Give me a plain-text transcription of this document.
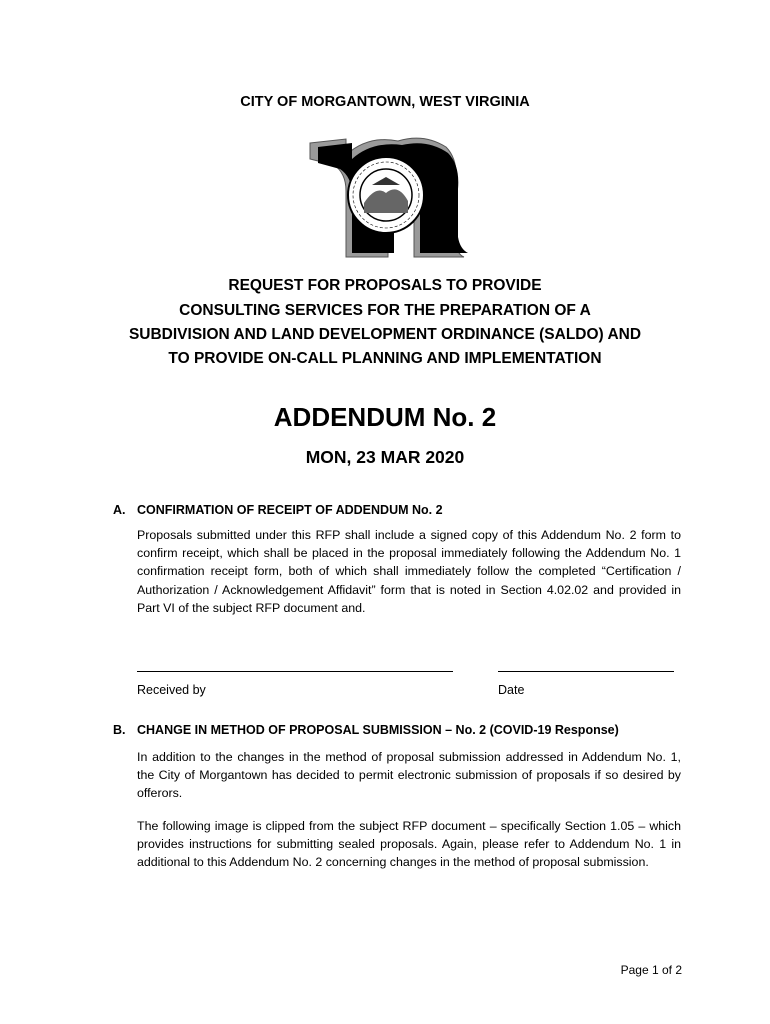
CITY OF MORGANTOWN, WEST VIRGINIA
REQUEST FOR PROPOSALS TO PROVIDE
CONSULTING SERVICES FOR THE PREPARATION OF A
SUBDIVISION AND LAND DEVELOPMENT ORDINANCE (SALDO) AND
TO PROVIDE ON-CALL PLANNING AND IMPLEMENTATION
ADDENDUM No. 2
MON, 23 MAR 2020
A. CONFIRMATION OF RECEIPT OF ADDENDUM No. 2
Proposals submitted under this RFP shall include a signed copy of this Addendum No. 2 form to confirm receipt, which shall be placed in the proposal immediately following the Addendum No. 1 confirmation receipt form, both of which shall immediately follow the completed “Certification / Authorization / Acknowledgement Affidavit” form that is noted in Section 4.02.02 and provided in Part VI of the subject RFP document and.
Received by	Date
B. CHANGE IN METHOD OF PROPOSAL SUBMISSION – No. 2 (COVID-19 Response)
In addition to the changes in the method of proposal submission addressed in Addendum No. 1, the City of Morgantown has decided to permit electronic submission of proposals if so desired by offerors.
The following image is clipped from the subject RFP document – specifically Section 1.05 – which provides instructions for submitting sealed proposals. Again, please refer to Addendum No. 1 in additional to this Addendum No. 2 concerning changes in the method of proposal submission.
Page 1 of 2
